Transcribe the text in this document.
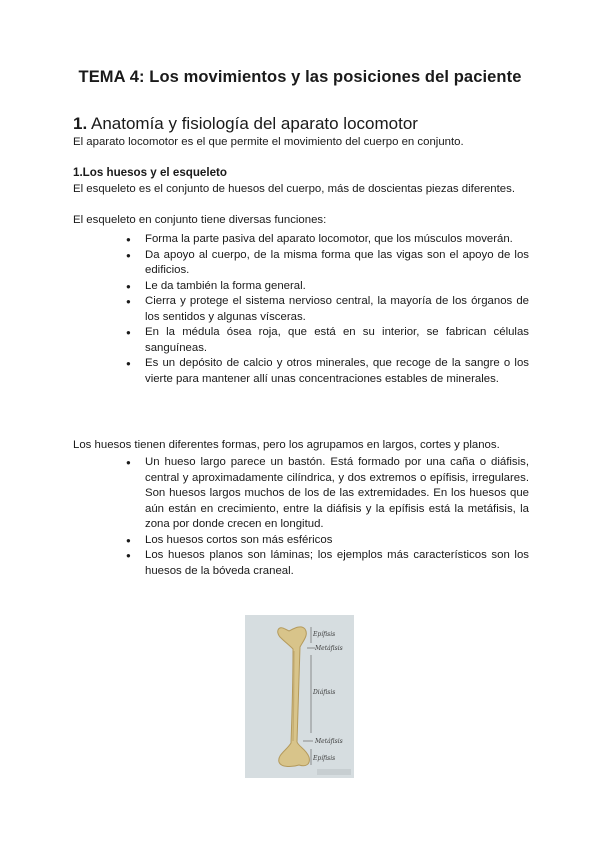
TEMA 4: Los movimientos y las posiciones del paciente
1. Anatomía y fisiología del aparato locomotor
El aparato locomotor es el que permite el movimiento del cuerpo en conjunto.
1.Los huesos y el esqueleto
El esqueleto es el conjunto de huesos del cuerpo, más de doscientas piezas diferentes.
El esqueleto en conjunto tiene diversas funciones:
● Forma la parte pasiva del aparato locomotor, que los músculos moverán.
● Da apoyo al cuerpo, de la misma forma que las vigas son el apoyo de los edificios.
● Le da también la forma general.
● Cierra y protege el sistema nervioso central, la mayoría de los órganos de los sentidos y algunas vísceras.
● En la médula ósea roja, que está en su interior, se fabrican células sanguíneas.
● Es un depósito de calcio y otros minerales, que recoge de la sangre o los vierte para mantener allí unas concentraciones estables de minerales.
Los huesos tienen diferentes formas, pero los agrupamos en largos, cortes y planos.
● Un hueso largo parece un bastón. Está formado por una caña o diáfisis, central y aproximadamente cilíndrica, y dos extremos o epífisis, irregulares. Son huesos largos muchos de los de las extremidades. En los huesos que aún están en crecimiento, entre la diáfisis y la epífisis está la metáfisis, la zona por donde crecen en longitud.
● Los huesos cortos son más esféricos
● Los huesos planos son láminas; los ejemplos más característicos son los huesos de la bóveda craneal.
Epífisis
Metáfisis
Diáfisis
Metáfisis
Epífisis
